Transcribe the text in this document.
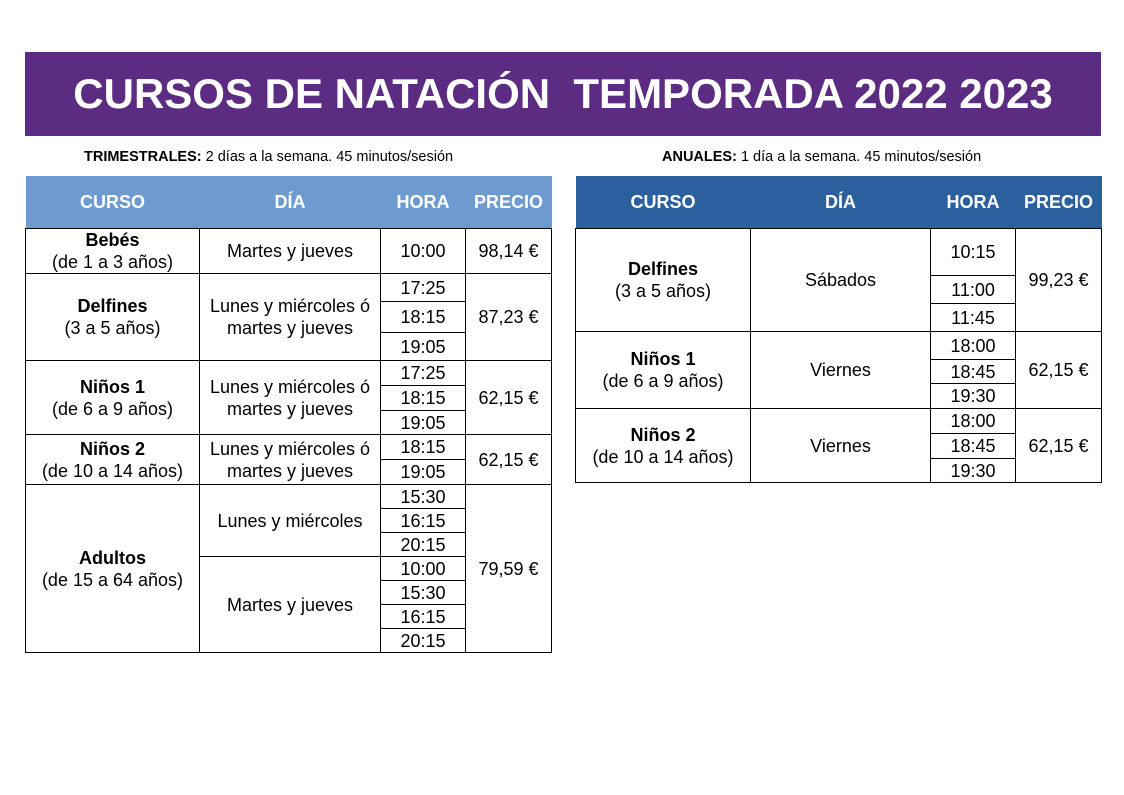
CURSOS DE NATACIÓN  TEMPORADA 2022 2023
TRIMESTRALES: 2 días a la semana. 45 minutos/sesión	ANUALES: 1 día a la semana. 45 minutos/sesión
CURSO	DÍA	HORA	PRECIO
Bebés
(de 1 a 3 años)	Martes y jueves	10:00	98,14 €
Delfines
(3 a 5 años)	Lunes y miércoles ó martes y jueves	17:25	87,23 €
		18:15	
		19:05	
Niños 1
(de 6 a 9 años)	Lunes y miércoles ó martes y jueves	17:25	62,15 €
		18:15	
		19:05	
Niños 2
(de 10 a 14 años)	Lunes y miércoles ó martes y jueves	18:15	62,15 €
		19:05	
Adultos
(de 15 a 64 años)	Lunes y miércoles	15:30	79,59 €
		16:15	
		20:15	
	Martes y jueves	10:00	
		15:30	
		16:15	
		20:15	
CURSO	DÍA	HORA	PRECIO
Delfines
(3 a 5 años)	Sábados	10:15	99,23 €
		11:00	
		11:45	
Niños 1
(de 6 a 9 años)	Viernes	18:00	62,15 €
		18:45	
		19:30	
Niños 2
(de 10 a 14 años)	Viernes	18:00	62,15 €
		18:45	
		19:30	
